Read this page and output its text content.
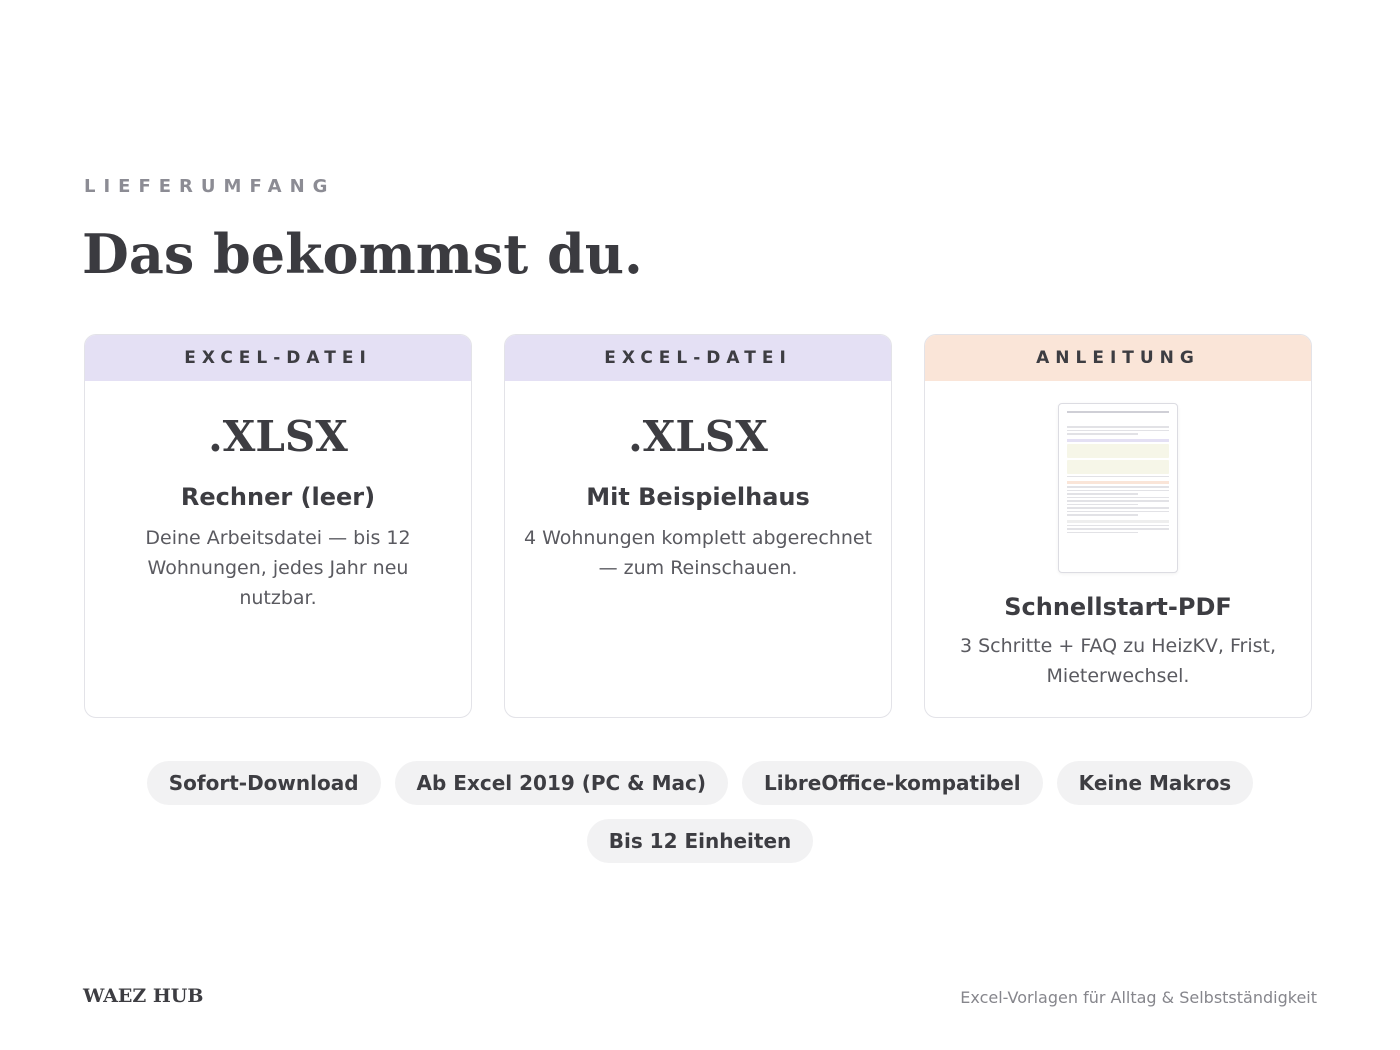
LIEFERUMFANG
Das bekommst du.
EXCEL-DATEI
.XLSX
Rechner (leer)
Deine Arbeitsdatei — bis 12 Wohnungen, jedes Jahr neu nutzbar.
EXCEL-DATEI
.XLSX
Mit Beispielhaus
4 Wohnungen komplett abgerechnet — zum Reinschauen.
ANLEITUNG

Schnellstart-PDF
3 Schritte + FAQ zu HeizKV, Frist, Mieterwechsel.
Sofort-Download	Ab Excel 2019 (PC & Mac)	LibreOffice-kompatibel	Keine Makros
Bis 12 Einheiten
WAEZ HUB	Excel-Vorlagen für Alltag & Selbstständigkeit
